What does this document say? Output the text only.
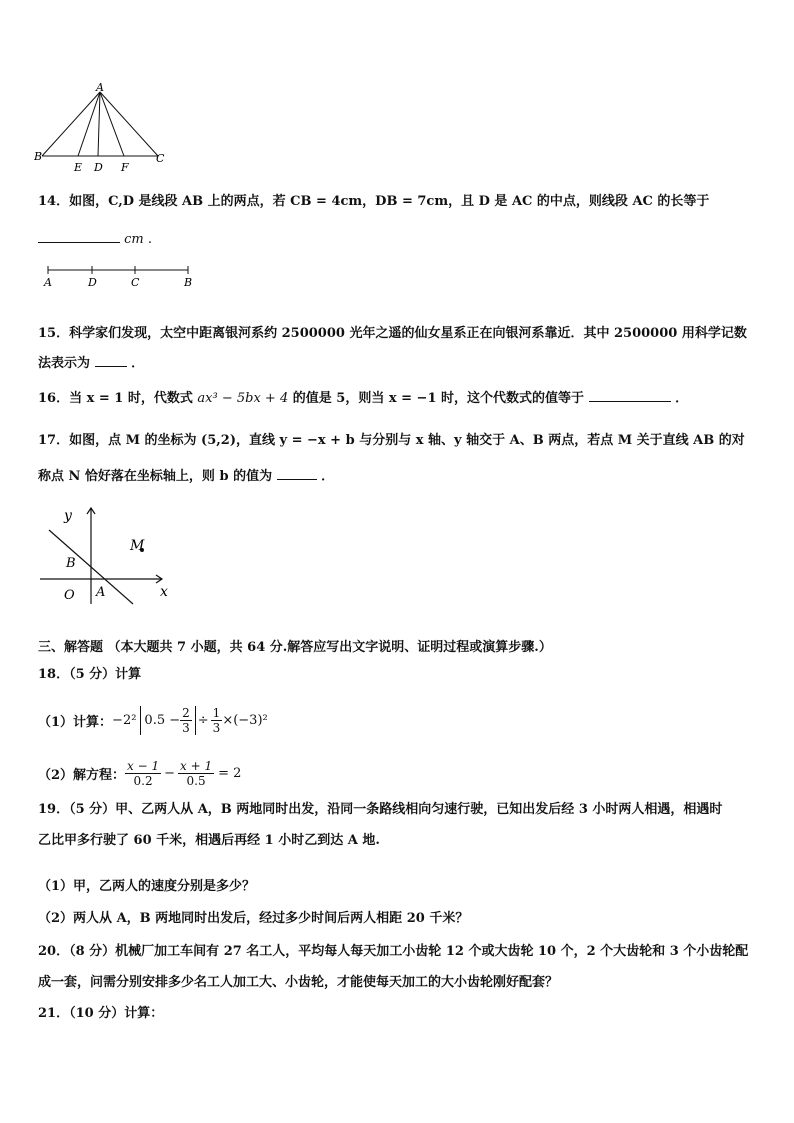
A
B
E D F
C
14．如图，C,D 是线段 AB 上的两点，若 CB = 4cm，DB = 7cm，且 D 是 AC 的中点，则线段 AC 的长等于
cm .
A	D	C	B
15．科学家们发现，太空中距离银河系约 2500000 光年之遥的仙女星系正在向银河系靠近．其中 2500000 用科学记数
法表示为	．
16．当 x = 1 时，代数式 ax³ − 5bx + 4 的值是 5，则当 x = −1 时，这个代数式的值等于	．
17．如图，点 M 的坐标为 (5,2)，直线 y = −x + b 与分别与 x 轴、y 轴交于 A、B 两点，若点 M 关于直线 AB 的对
称点 N 恰好落在坐标轴上，则 b 的值为	．
y
x
O A
B
M
三、解答题 （本大题共 7 小题，共 64 分.解答应写出文字说明、证明过程或演算步骤.）
18．（5 分）计算
（1）计算： −2² $0.5 - \frac{2}{3} \div \frac{1}{3} \times(-3)^2$
（2）解方程： $\frac{x - 1}{0.2} - \frac{x + 1}{0.5} = 2$
19．（5 分）甲、乙两人从 A，B 两地同时出发，沿同一条路线相向匀速行驶，已知出发后经 3 小时两人相遇，相遇时
乙比甲多行驶了 60 千米，相遇后再经 1 小时乙到达 A 地.
（1）甲，乙两人的速度分别是多少？
（2）两人从 A，B 两地同时出发后，经过多少时间后两人相距 20 千米？
20．（8 分）机械厂加工车间有 27 名工人，平均每人每天加工小齿轮 12 个或大齿轮 10 个，2 个大齿轮和 3 个小齿轮配
成一套，问需分别安排多少名工人加工大、小齿轮，才能使每天加工的大小齿轮刚好配套？
21．（10 分）计算：
